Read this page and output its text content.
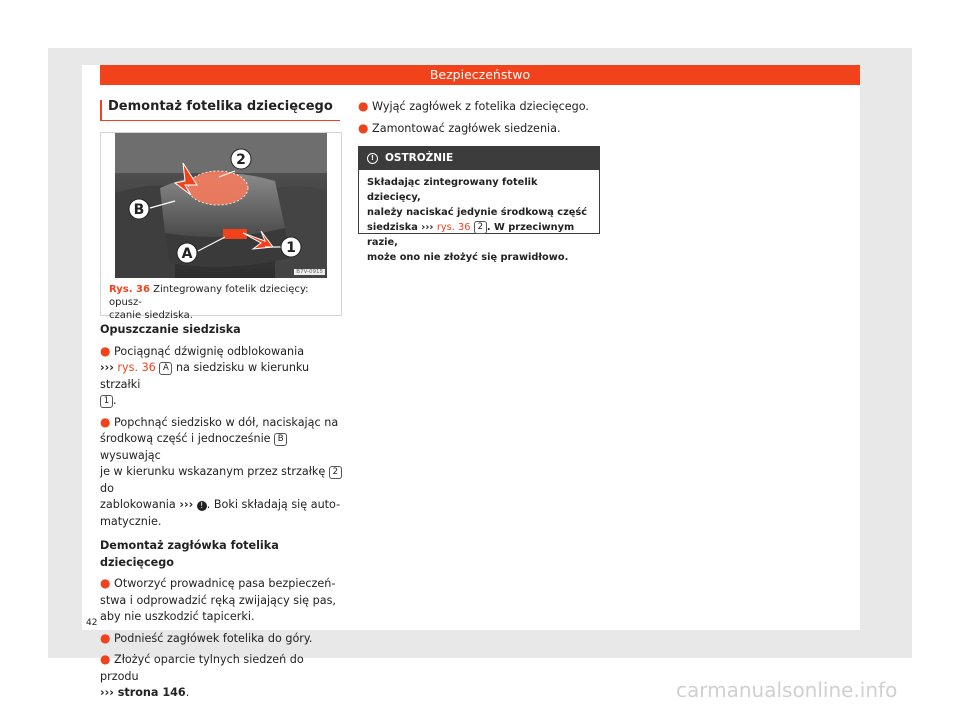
Bezpieczeństwo
Demontaż fotelika dziecięcego
2
B
A	1
B7V-0915
Rys. 36 Zintegrowany fotelik dziecięcy: opusz-
czanie siedziska.
Opuszczanie siedziska
● Pociągnąć dźwignię odblokowania
››› rys. 36 A na siedzisku w kierunku strzałki
1 .
● Popchnąć siedzisko w dół, naciskając na
środkową część i jednocześnie B wysuwając
je w kierunku wskazanym przez strzałkę 2 do
zablokowania ››› ! . Boki składają się auto-
matycznie.
Demontaż zagłówka fotelika dziecięcego
● Otworzyć prowadnicę pasa bezpieczeń-
stwa i odprowadzić ręką zwijający się pas,
aby nie uszkodzić tapicerki.
● Podnieść zagłówek fotelika do góry.
● Złożyć oparcie tylnych siedzeń do przodu
››› strona 146.
● Wyjąć zagłówek z fotelika dziecięcego.
● Zamontować zagłówek siedzenia.
! OSTROŻNIE
Składając zintegrowany fotelik dziecięcy,
należy naciskać jedynie środkową część
siedziska ››› rys. 36 2 . W przeciwnym razie,
może ono nie złożyć się prawidłowo.
42
carmanualsonline.info
